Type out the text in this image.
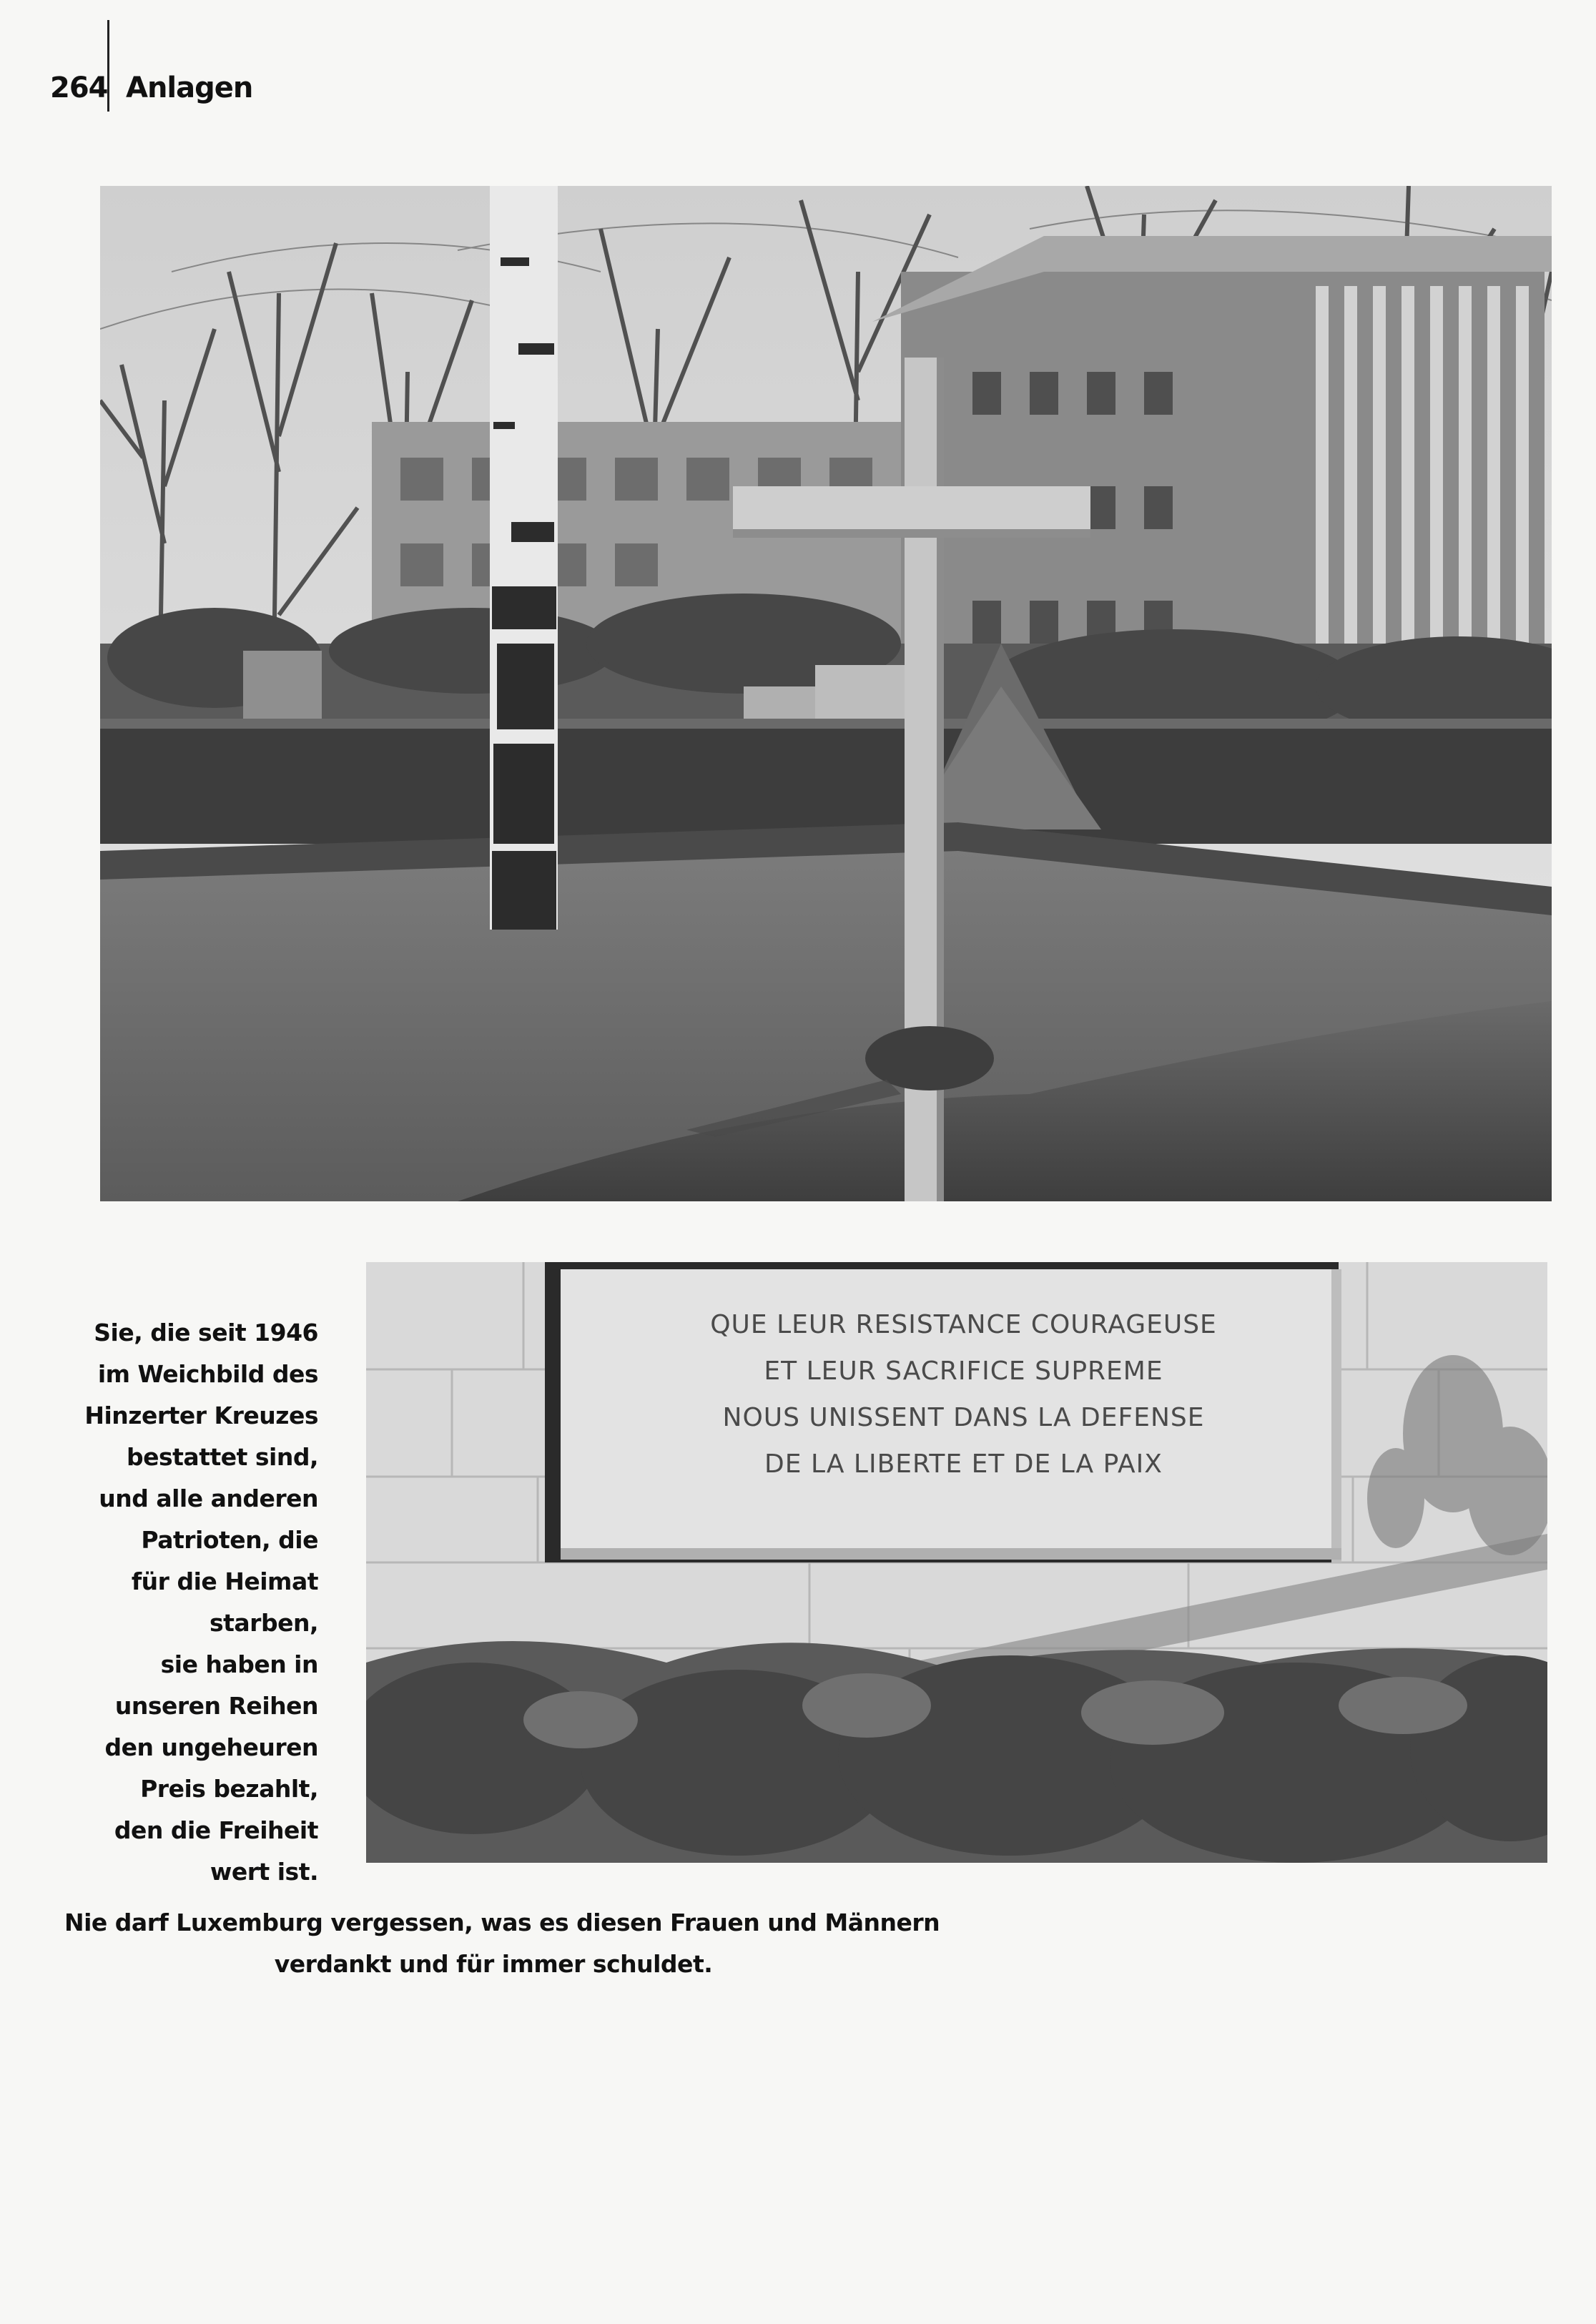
264 Anlagen
QUE LEUR RESISTANCE COURAGEUSE
ET LEUR SACRIFICE SUPREME
NOUS UNISSENT DANS LA DEFENSE
DE LA LIBERTE ET DE LA PAIX
Sie, die seit 1946
im Weichbild des
Hinzerter Kreuzes
bestattet sind,
und alle anderen
Patrioten, die
für die Heimat
starben,
sie haben in
unseren Reihen
den ungeheuren
Preis bezahlt,
den die Freiheit
wert ist.
Nie darf Luxemburg vergessen, was es diesen Frauen und Männern
verdankt und für immer schuldet.
